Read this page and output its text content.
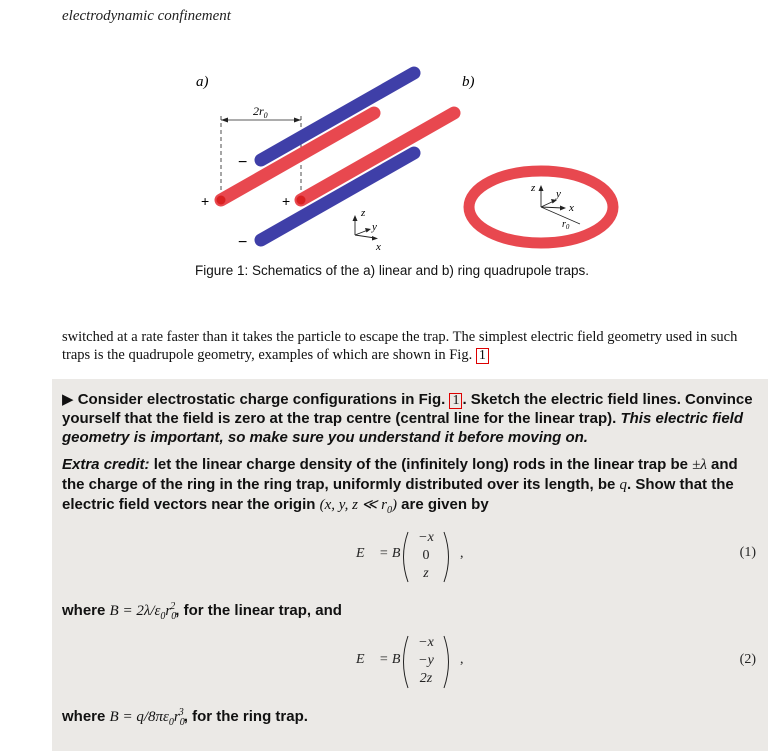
electrodynamic confinement
a)	b)
$2r_0$
−
+	+
−
z
y
x
z y
x
$r_0$
Figure 1: Schematics of the a) linear and b) ring quadrupole traps.
switched at a rate faster than it takes the particle to escape the trap. The simplest electric field geometry used in such traps is the quadrupole geometry, examples of which are shown in Fig. 1
▶ Consider electrostatic charge configurations in Fig. 1 . Sketch the electric field lines. Convince yourself that the field is zero at the trap centre (central line for the linear trap). This electric field geometry is important, so make sure you understand it before moving on.
Extra credit: let the linear charge density of the (infinitely long) rods in the linear trap be ±λ and the charge of the ring in the ring trap, uniformly distributed over its length, be q. Show that the electric field vectors near the origin (x, y, z ≪ $r_0$) are given by
E⃗ = B
−x
0
z
,	(1)
where $B = 2\lambda/\varepsilon_0r_0^2$, for the linear trap, and
E⃗ = B
−x
−y
2z
,	(2)
where $B = q/8\pi\varepsilon_0r_0^3$, for the ring trap.
